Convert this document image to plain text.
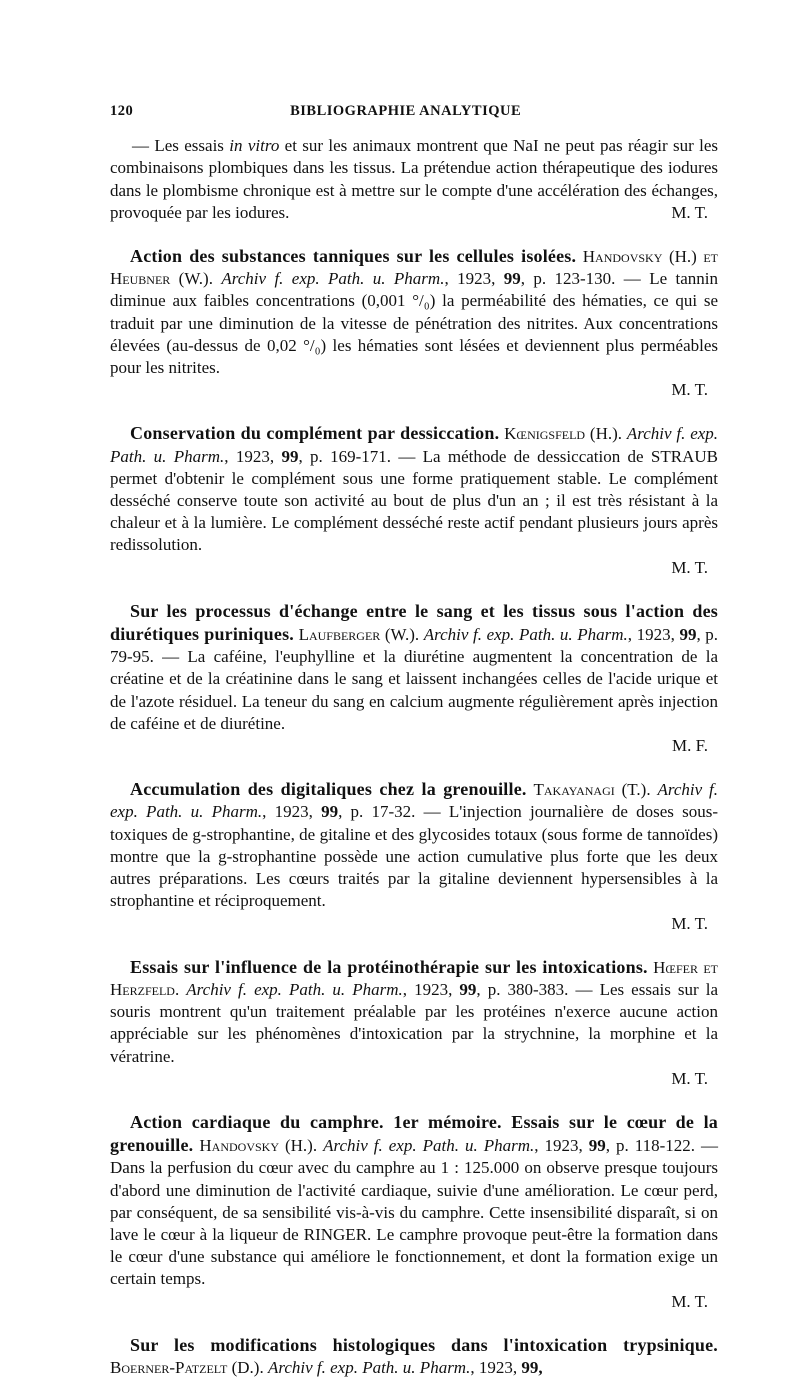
120	BIBLIOGRAPHIE ANALYTIQUE

— Les essais in vitro et sur les animaux montrent que NaI ne peut pas réagir sur les combinaisons plombiques dans les tissus. La prétendue action thérapeutique des iodures dans le plombisme chronique est à mettre sur le compte d'une accélération des échanges, provoquée par les iodures.	M. T.

Action des substances tanniques sur les cellules isolées. Handovsky (H.) et Heubner (W.). Archiv f. exp. Path. u. Pharm., 1923, 99, p. 123-130. — Le tannin diminue aux faibles concentrations (0,001 °/₀) la perméabilité des hématies, ce qui se traduit par une diminution de la vitesse de pénétration des nitrites. Aux concentrations élevées (au-dessus de 0,02 °/₀) les hématies sont lésées et deviennent plus perméables pour les nitrites.

M. T.

Conservation du complément par dessiccation. Kœnigsfeld (H.). Archiv f. exp. Path. u. Pharm., 1923, 99, p. 169-171. — La méthode de dessiccation de STRAUB permet d'obtenir le complément sous une forme pratiquement stable. Le complément desséché conserve toute son activité au bout de plus d'un an ; il est très résistant à la chaleur et à la lumière. Le complément desséché reste actif pendant plusieurs jours après redissolution.

M. T.

Sur les processus d'échange entre le sang et les tissus sous l'action des diurétiques puriniques. Laufberger (W.). Archiv f. exp. Path. u. Pharm., 1923, 99, p. 79-95. — La caféine, l'euphylline et la diurétine augmentent la concentration de la créatine et de la créatinine dans le sang et laissent inchangées celles de l'acide urique et de l'azote résiduel. La teneur du sang en calcium augmente régulièrement après injection de caféine et de diurétine.

M. F.

Accumulation des digitaliques chez la grenouille. Takayanagi (T.). Archiv f. exp. Path. u. Pharm., 1923, 99, p. 17-32. — L'injection journalière de doses sous-toxiques de g-strophantine, de gitaline et des glycosides totaux (sous forme de tannoïdes) montre que la g-strophantine possède une action cumulative plus forte que les deux autres préparations. Les cœurs traités par la gitaline deviennent hypersensibles à la strophantine et réciproquement.

M. T.

Essais sur l'influence de la protéinothérapie sur les intoxications. Hœfer et Herzfeld. Archiv f. exp. Path. u. Pharm., 1923, 99, p. 380-383. — Les essais sur la souris montrent qu'un traitement préalable par les protéines n'exerce aucune action appréciable sur les phénomènes d'intoxication par la strychnine, la morphine et la vératrine.

M. T.

Action cardiaque du camphre. 1er mémoire. Essais sur le cœur de la grenouille. Handovsky (H.). Archiv f. exp. Path. u. Pharm., 1923, 99, p. 118-122. — Dans la perfusion du cœur avec du camphre au 1 : 125.000 on observe presque toujours d'abord une diminution de l'activité cardiaque, suivie d'une amélioration. Le cœur perd, par conséquent, de sa sensibilité vis-à-vis du camphre. Cette insensibilité disparaît, si on lave le cœur à la liqueur de RINGER. Le camphre provoque peut-être la formation dans le cœur d'une substance qui améliore le fonctionnement, et dont la formation exige un certain temps.

M. T.

Sur les modifications histologiques dans l'intoxication trypsinique. Boerner-Patzelt (D.). Archiv f. exp. Path. u. Pharm., 1923, 99,
